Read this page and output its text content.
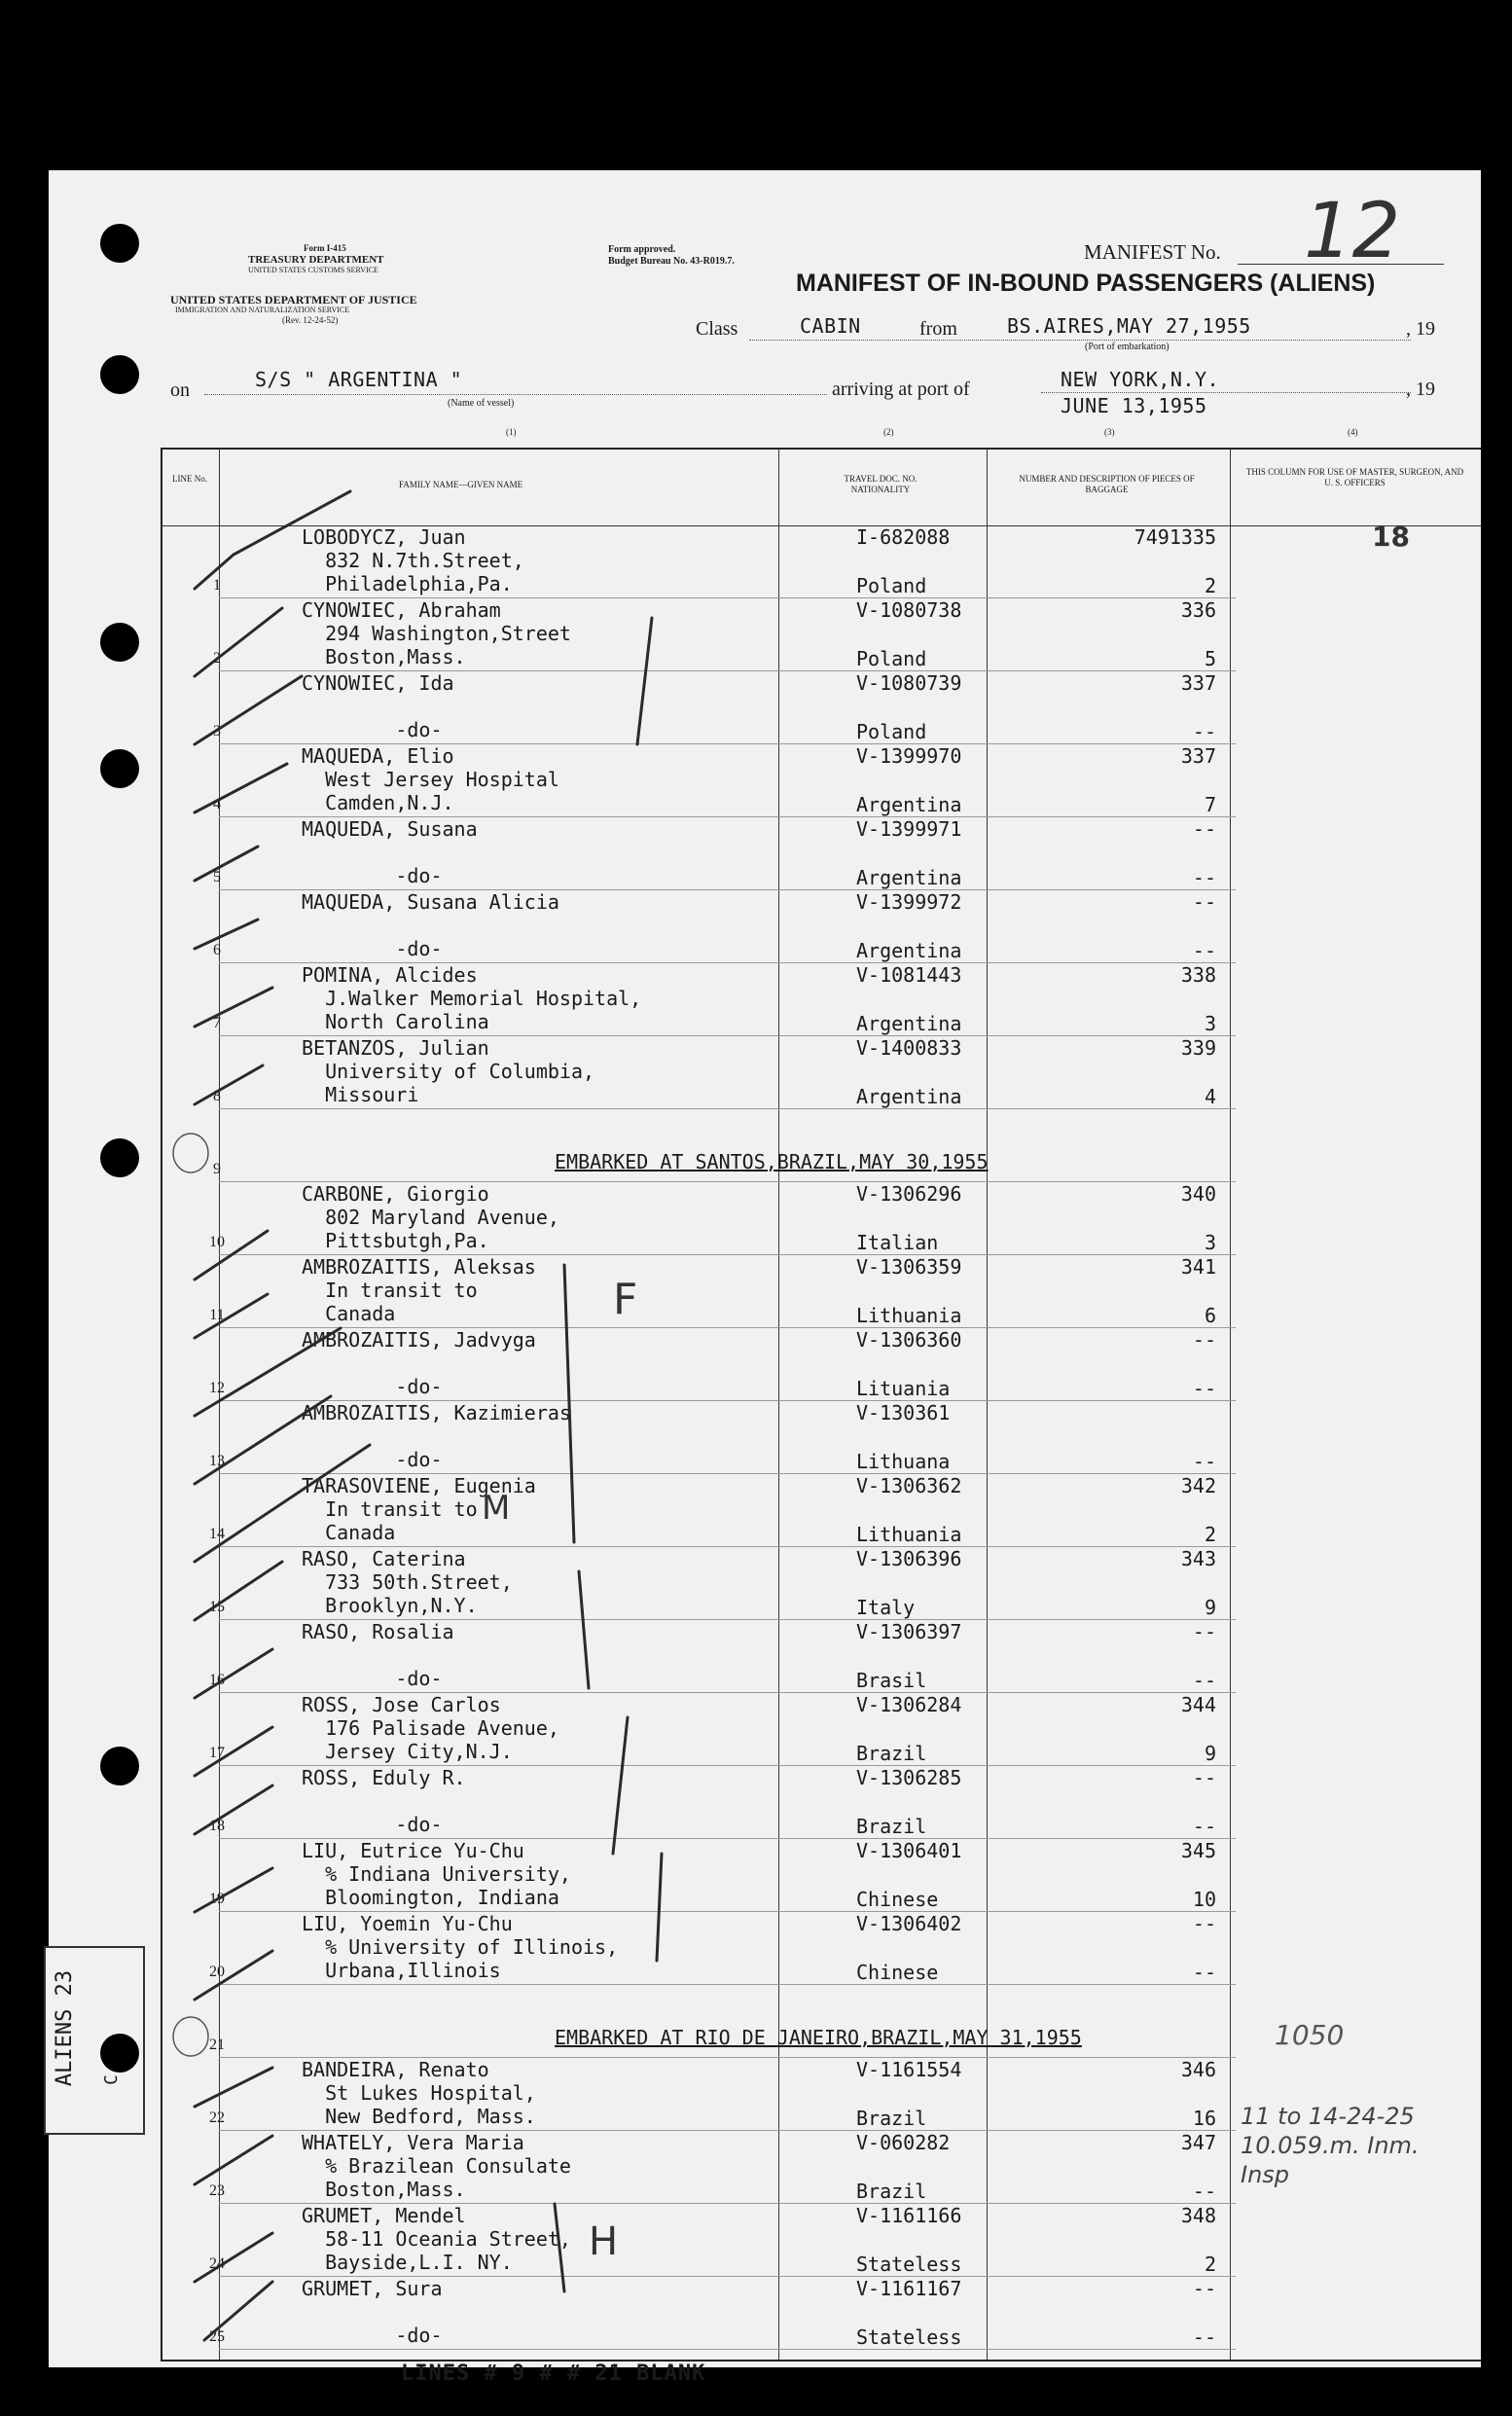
Form I-415
TREASURY DEPARTMENT
UNITED STATES CUSTOMS SERVICE
UNITED STATES DEPARTMENT OF JUSTICE
IMMIGRATION AND NATURALIZATION SERVICE
(Rev. 12-24-52)
Form approved.
Budget Bureau No. 43-R019.7.	MANIFEST No. 12
MANIFEST OF IN-BOUND PASSENGERS (ALIENS)
Class	CABIN	from	BS.AIRES,MAY 27,1955
(Port of embarkation)
, 19
on	S/S " ARGENTINA "
(Name of vessel)
arriving at port of	NEW YORK,N.Y.
JUNE 13,1955
, 19
(1)	(2)	(3)	(4)
LINE No.
FAMILY NAME—GIVEN NAME
TRAVEL DOC. NO. NATIONALITY
NUMBER AND DESCRIPTION OF PIECES OF BAGGAGE
THIS COLUMN FOR USE OF MASTER, SURGEON, AND U. S. OFFICERS
1
LOBODYCZ, Juan
832 N.7th.Street,
Philadelphia,Pa.
I-682088	7491335
Poland	2
18
2
CYNOWIEC, Abraham
294 Washington,Street
Boston,Mass.
V-1080738	336
Poland	5
3
CYNOWIEC, Ida
-do-
V-1080739	337
Poland	--
4
MAQUEDA, Elio
West Jersey Hospital
Camden,N.J.
V-1399970	337
Argentina	7
5
MAQUEDA, Susana
-do-
V-1399971	--
Argentina	--
6
MAQUEDA, Susana Alicia
-do-
V-1399972	--
Argentina	--
7
POMINA, Alcides
J.Walker Memorial Hospital,
North Carolina
V-1081443	338
Argentina	3
8
BETANZOS, Julian
University of Columbia,
Missouri
V-1400833	339
Argentina	4
9	EMBARKED AT SANTOS,BRAZIL,MAY 30,1955
10
CARBONE, Giorgio
802 Maryland Avenue,
Pittsbutgh,Pa.
V-1306296	340
Italian	3
11
AMBROZAITIS, Aleksas
In transit to
Canada
V-1306359	341
Lithuania	6
12
AMBROZAITIS, Jadvyga
-do-
V-1306360	--
Lituania	--
13
AMBROZAITIS, Kazimieras
-do-
V-130361
Lithuana	--
14
TARASOVIENE, Eugenia
In transit to
Canada
V-1306362	342
Lithuania	2
15
RASO, Caterina
733 50th.Street,
Brooklyn,N.Y.
V-1306396	343
Italy	9
16
RASO, Rosalia
-do-
V-1306397	--
Brasil	--
17
ROSS, Jose Carlos
176 Palisade Avenue,
Jersey City,N.J.
V-1306284	344
Brazil	9
18
ROSS, Eduly R.
-do-
V-1306285	--
Brazil	--
19
LIU, Eutrice Yu-Chu
% Indiana University,
Bloomington, Indiana
V-1306401	345
Chinese	10
20
LIU, Yoemin Yu-Chu
% University of Illinois,
Urbana,Illinois
V-1306402	--
Chinese	--
21	EMBARKED AT RIO DE JANEIRO,BRAZIL,MAY 31,1955
22
BANDEIRA, Renato
St Lukes Hospital,
New Bedford, Mass.
V-1161554	346
Brazil	16
23
WHATELY, Vera Maria
% Brazilean Consulate
Boston,Mass.
V-060282	347
Brazil	--
24
GRUMET, Mendel
58-11 Oceania Street,
Bayside,L.I. NY.
V-1161166	348
Stateless	2
25
GRUMET, Sura
-do-
V-1161167	--
Stateless	--
LINES # 9 # # 21 BLANK
ALIENS 23 C
11 to 14-24-25 10.059.m. Inm. Insp
1050
F
M
H
